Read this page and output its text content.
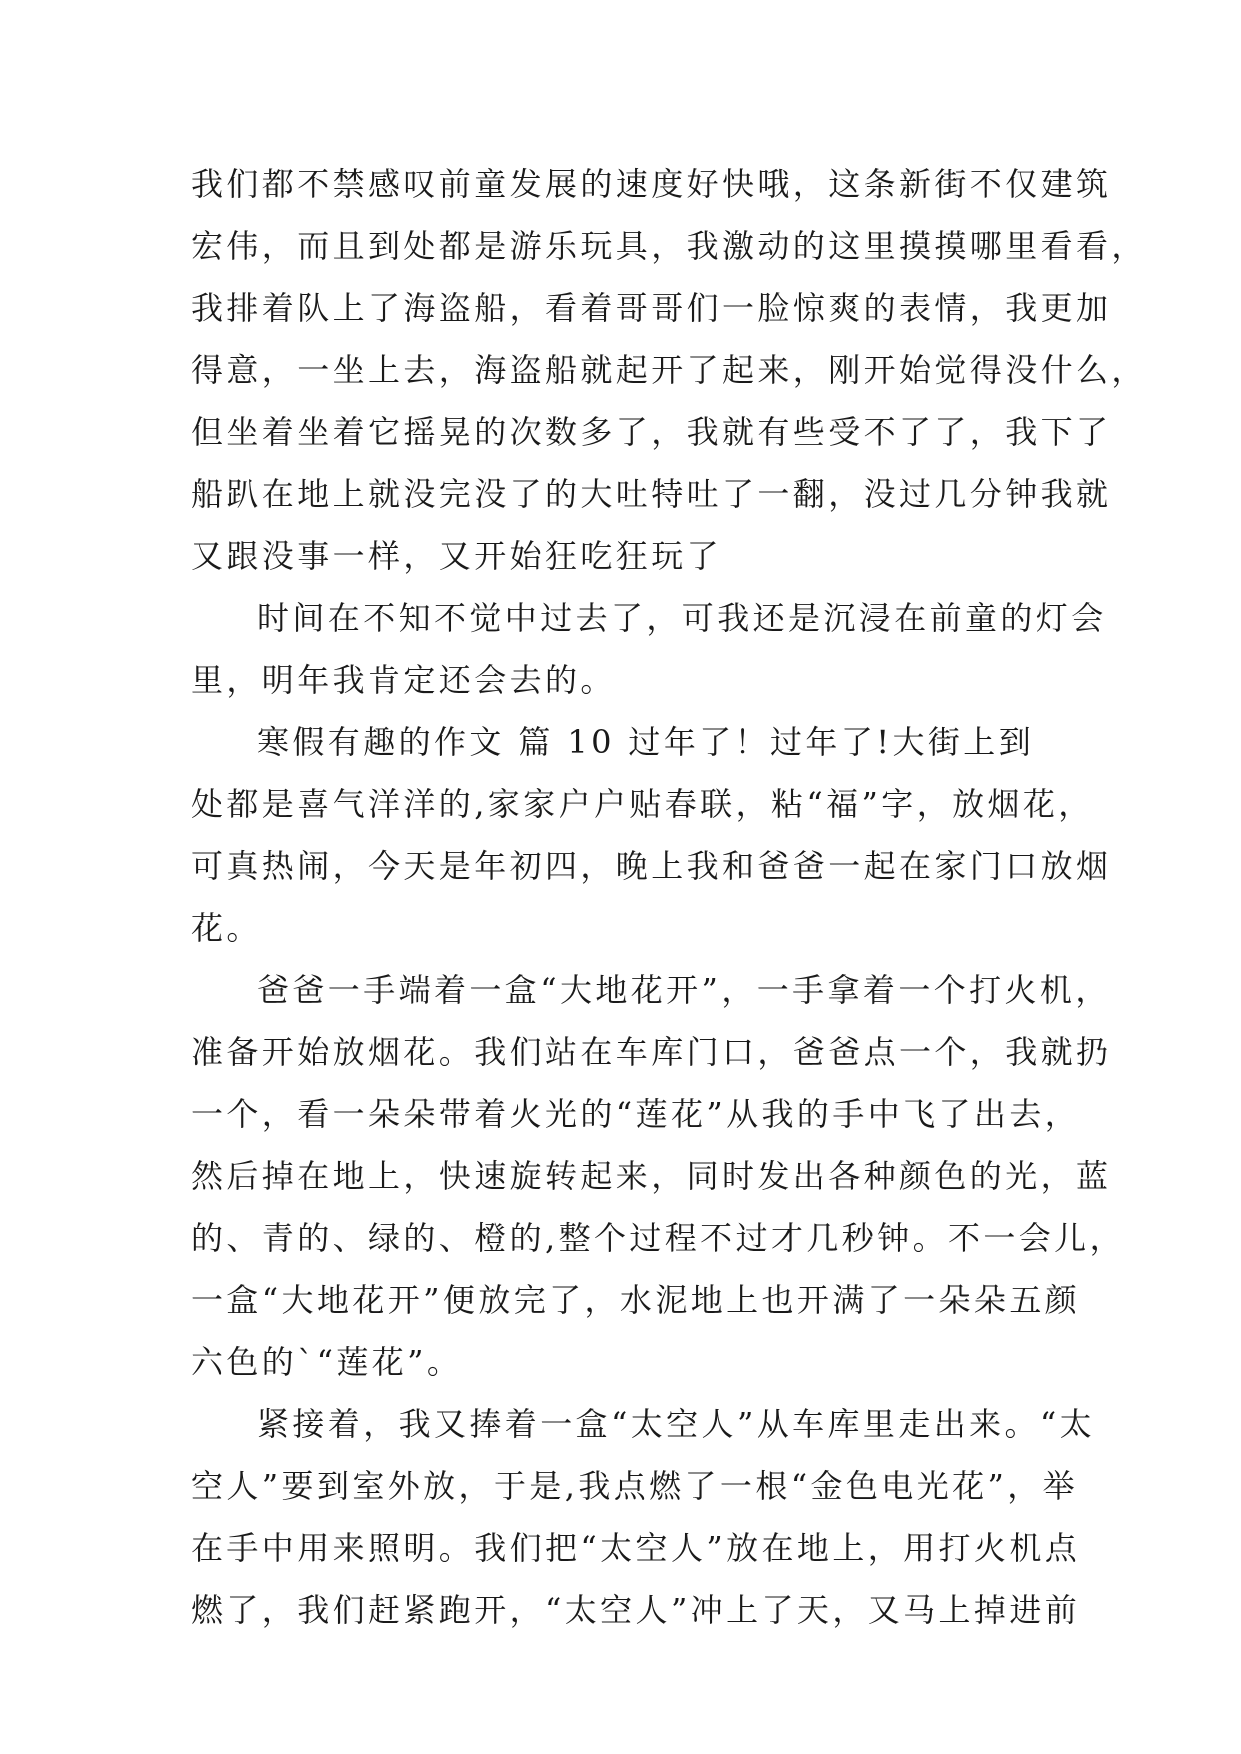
我们都不禁感叹前童发展的速度好快哦，这条新街不仅建筑
宏伟，而且到处都是游乐玩具，我激动的这里摸摸哪里看看，
我排着队上了海盗船，看着哥哥们一脸惊爽的表情，我更加
得意，一坐上去，海盗船就起开了起来，刚开始觉得没什么，
但坐着坐着它摇晃的次数多了，我就有些受不了了，我下了
船趴在地上就没完没了的大吐特吐了一翻，没过几分钟我就
又跟没事一样，又开始狂吃狂玩了
时间在不知不觉中过去了，可我还是沉浸在前童的灯会
里，明年我肯定还会去的。
寒假有趣的作文 篇 10 过年了！过年了!大街上到
处都是喜气洋洋的,家家户户贴春联，粘“福”字，放烟花，
可真热闹，今天是年初四，晚上我和爸爸一起在家门口放烟
花。
爸爸一手端着一盒“大地花开”，一手拿着一个打火机，
准备开始放烟花。我们站在车库门口，爸爸点一个，我就扔
一个，看一朵朵带着火光的“莲花”从我的手中飞了出去，
然后掉在地上，快速旋转起来，同时发出各种颜色的光，蓝
的、青的、绿的、橙的,整个过程不过才几秒钟。不一会儿，
一盒“大地花开”便放完了，水泥地上也开满了一朵朵五颜
六色的`“莲花”。
紧接着，我又捧着一盒“太空人”从车库里走出来。“太
空人”要到室外放，于是,我点燃了一根“金色电光花”，举
在手中用来照明。我们把“太空人”放在地上，用打火机点
燃了，我们赶紧跑开，“太空人”冲上了天，又马上掉进前
